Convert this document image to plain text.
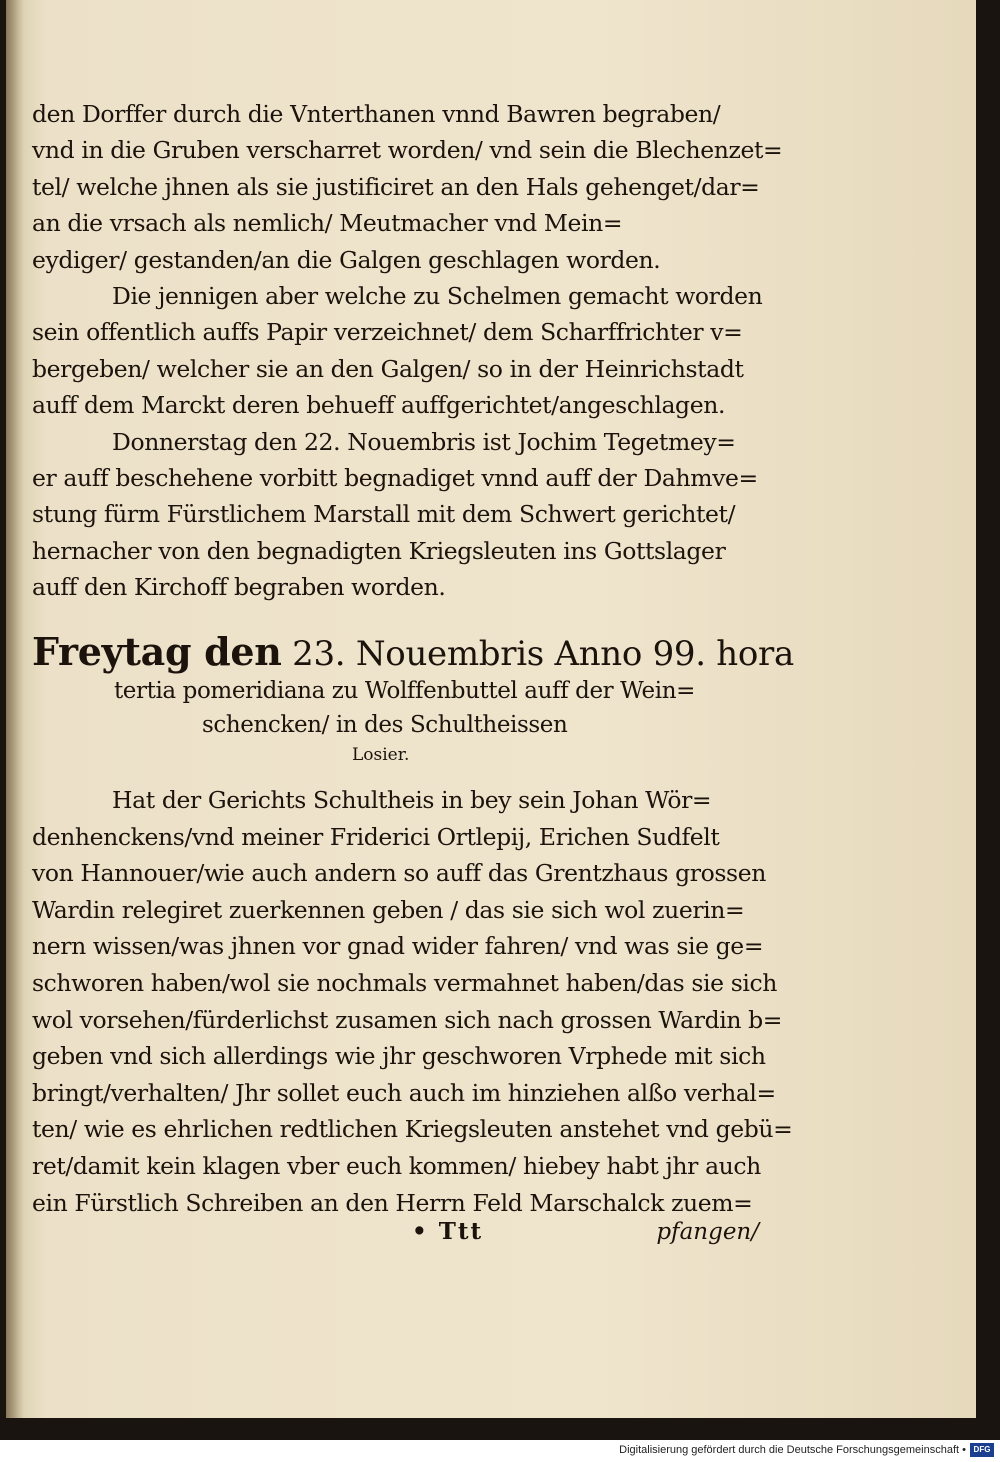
den Dorffer durch die Vnterthanen vnnd Bawren begraben/
vnd in die Gruben verscharret worden/ vnd sein die Blechenzet=
tel/ welche jhnen als sie justificiret an den Hals gehenget/dar=
an die vrsach als nemlich/ Meutmacher vnd Mein=
eydiger/ gestanden/an die Galgen geschlagen worden.
Die jennigen aber welche zu Schelmen gemacht worden
sein offentlich auffs Papir verzeichnet/ dem Scharffrichter v=
bergeben/ welcher sie an den Galgen/ so in der Heinrichstadt
auff dem Marckt deren behueff auffgerichtet/angeschlagen.
Donnerstag den 22. Nouembris ist Jochim Tegetmey=
er auff beschehene vorbitt begnadiget vnnd auff der Dahmve=
stung fürm Fürstlichem Marstall mit dem Schwert gerichtet/
hernacher von den begnadigten Kriegsleuten ins Gottslager
auff den Kirchoff begraben worden.
Freytag den 23. Nouembris Anno 99. hora
tertia pomeridiana zu Wolffenbuttel auff der Wein=
schencken/ in des Schultheissen
Losier.
Hat der Gerichts Schultheis in bey sein Johan Wör=
denhenckens/vnd meiner Friderici Ortlepij, Erichen Sudfelt
von Hannouer/wie auch andern so auff das Grentzhaus grossen
Wardin relegiret zuerkennen geben / das sie sich wol zuerin=
nern wissen/was jhnen vor gnad wider fahren/ vnd was sie ge=
schworen haben/wol sie nochmals vermahnet haben/das sie sich
wol vorsehen/fürderlichst zusamen sich nach grossen Wardin b=
geben vnd sich allerdings wie jhr geschworen Vrphede mit sich
bringt/verhalten/ Jhr sollet euch auch im hinziehen alßo verhal=
ten/ wie es ehrlichen redtlichen Kriegsleuten anstehet vnd gebü=
ret/damit kein klagen vber euch kommen/ hiebey habt jhr auch
ein Fürstlich Schreiben an den Herrn Feld Marschalck zuem=
• Ttt	pfangen/
Digitalisierung gefördert durch die Deutsche Forschungsgemeinschaft • DFG
